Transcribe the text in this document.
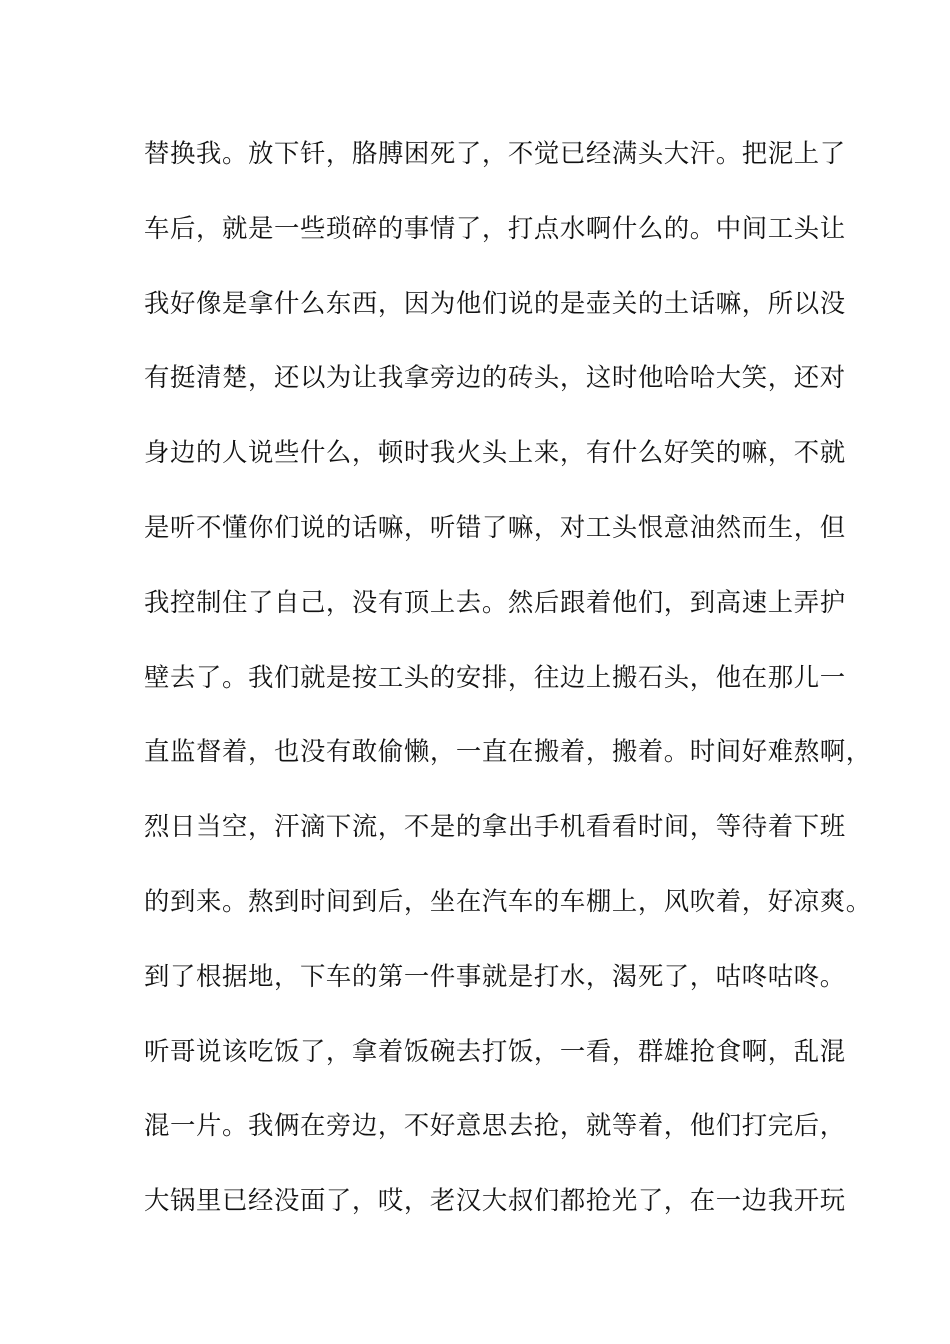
替换我。放下钎，胳膊困死了，不觉已经满头大汗。把泥上了
车后，就是一些琐碎的事情了，打点水啊什么的。中间工头让
我好像是拿什么东西，因为他们说的是壶关的土话嘛，所以没
有挺清楚，还以为让我拿旁边的砖头，这时他哈哈大笑，还对
身边的人说些什么，顿时我火头上来，有什么好笑的嘛，不就
是听不懂你们说的话嘛，听错了嘛，对工头恨意油然而生，但
我控制住了自己，没有顶上去。然后跟着他们，到高速上弄护
壁去了。我们就是按工头的安排，往边上搬石头，他在那儿一
直监督着，也没有敢偷懒，一直在搬着，搬着。时间好难熬啊，
烈日当空，汗滴下流，不是的拿出手机看看时间，等待着下班
的到来。熬到时间到后，坐在汽车的车棚上，风吹着，好凉爽。
到了根据地，下车的第一件事就是打水，渴死了，咕咚咕咚。
听哥说该吃饭了，拿着饭碗去打饭，一看，群雄抢食啊，乱混
混一片。我俩在旁边，不好意思去抢，就等着，他们打完后，
大锅里已经没面了，哎，老汉大叔们都抢光了，在一边我开玩
